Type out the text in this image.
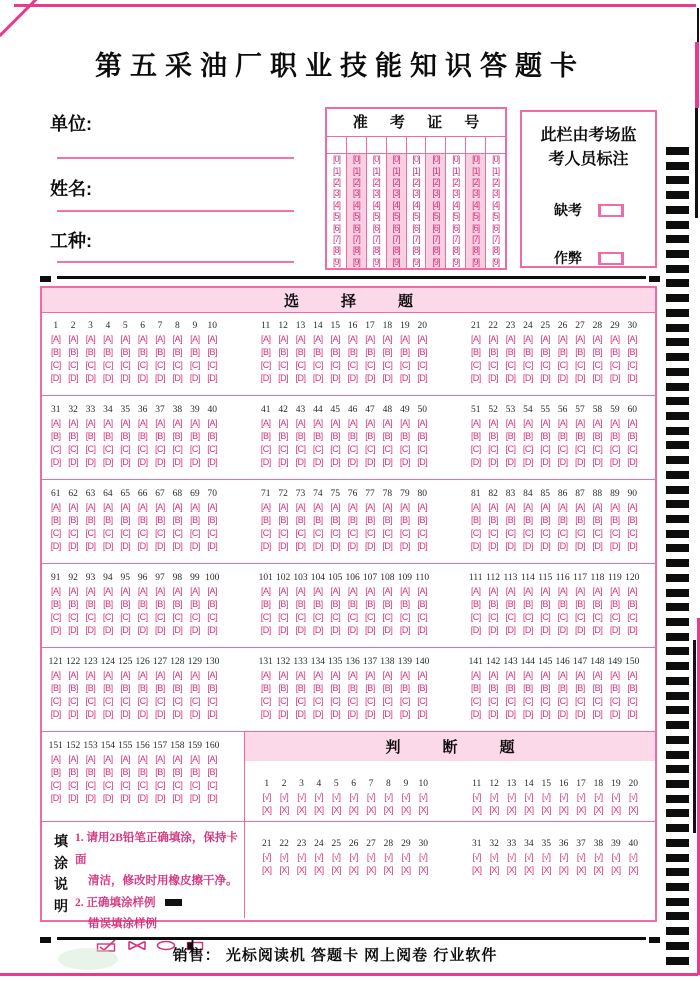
第五采油厂职业技能知识答题卡
单位:
姓名:
工种:
准 考 证 号
[0]
[1]
[2]
[3]
[4]
[5]
[6]
[7]
[8]
[9]
[0]
[1]
[2]
[3]
[4]
[5]
[6]
[7]
[8]
[9]
[0]
[1]
[2]
[3]
[4]
[5]
[6]
[7]
[8]
[9]
[0]
[1]
[2]
[3]
[4]
[5]
[6]
[7]
[8]
[9]
[0]
[1]
[2]
[3]
[4]
[5]
[6]
[7]
[8]
[9]
[0]
[1]
[2]
[3]
[4]
[5]
[6]
[7]
[8]
[9]
[0]
[1]
[2]
[3]
[4]
[5]
[6]
[7]
[8]
[9]
[0]
[1]
[2]
[3]
[4]
[5]
[6]
[7]
[8]
[9]
[0]
[1]
[2]
[3]
[4]
[5]
[6]
[7]
[8]
[9]
此栏由考场监
考人员标注
缺考
作弊
选择题
1	2	3	4	5	6	7	8	9	10
[A] [A] [A] [A] [A] [A] [A] [A] [A] [A]
[B] [B] [B] [B] [B] [B] [B] [B] [B] [B]
[C] [C] [C] [C] [C] [C] [C] [C] [C] [C]
[D] [D] [D] [D] [D] [D] [D] [D] [D] [D]
11 12 13 14 15 16 17 18 19 20
[A] [A] [A] [A] [A] [A] [A] [A] [A] [A]
[B] [B] [B] [B] [B] [B] [B] [B] [B] [B]
[C] [C] [C] [C] [C] [C] [C] [C] [C] [C]
[D] [D] [D] [D] [D] [D] [D] [D] [D] [D]
21 22 23 24 25 26 27 28 29 30
[A] [A] [A] [A] [A] [A] [A] [A] [A] [A]
[B] [B] [B] [B] [B] [B] [B] [B] [B] [B]
[C] [C] [C] [C] [C] [C] [C] [C] [C] [C]
[D] [D] [D] [D] [D] [D] [D] [D] [D] [D]
31 32 33 34 35 36 37 38 39 40
[A] [A] [A] [A] [A] [A] [A] [A] [A] [A]
[B] [B] [B] [B] [B] [B] [B] [B] [B] [B]
[C] [C] [C] [C] [C] [C] [C] [C] [C] [C]
[D] [D] [D] [D] [D] [D] [D] [D] [D] [D]
41 42 43 44 45 46 47 48 49 50
[A] [A] [A] [A] [A] [A] [A] [A] [A] [A]
[B] [B] [B] [B] [B] [B] [B] [B] [B] [B]
[C] [C] [C] [C] [C] [C] [C] [C] [C] [C]
[D] [D] [D] [D] [D] [D] [D] [D] [D] [D]
51 52 53 54 55 56 57 58 59 60
[A] [A] [A] [A] [A] [A] [A] [A] [A] [A]
[B] [B] [B] [B] [B] [B] [B] [B] [B] [B]
[C] [C] [C] [C] [C] [C] [C] [C] [C] [C]
[D] [D] [D] [D] [D] [D] [D] [D] [D] [D]
61 62 63 64 65 66 67 68 69 70
[A] [A] [A] [A] [A] [A] [A] [A] [A] [A]
[B] [B] [B] [B] [B] [B] [B] [B] [B] [B]
[C] [C] [C] [C] [C] [C] [C] [C] [C] [C]
[D] [D] [D] [D] [D] [D] [D] [D] [D] [D]
71 72 73 74 75 76 77 78 79 80
[A] [A] [A] [A] [A] [A] [A] [A] [A] [A]
[B] [B] [B] [B] [B] [B] [B] [B] [B] [B]
[C] [C] [C] [C] [C] [C] [C] [C] [C] [C]
[D] [D] [D] [D] [D] [D] [D] [D] [D] [D]
81 82 83 84 85 86 87 88 89 90
[A] [A] [A] [A] [A] [A] [A] [A] [A] [A]
[B] [B] [B] [B] [B] [B] [B] [B] [B] [B]
[C] [C] [C] [C] [C] [C] [C] [C] [C] [C]
[D] [D] [D] [D] [D] [D] [D] [D] [D] [D]
91 92 93 94 95 96 97 98 99 100
[A] [A] [A] [A] [A] [A] [A] [A] [A] [A]
[B] [B] [B] [B] [B] [B] [B] [B] [B] [B]
[C] [C] [C] [C] [C] [C] [C] [C] [C] [C]
[D] [D] [D] [D] [D] [D] [D] [D] [D] [D]
101 102 103 104 105 106 107 108 109 110
[A] [A] [A] [A] [A] [A] [A] [A] [A] [A]
[B] [B] [B] [B] [B] [B] [B] [B] [B] [B]
[C] [C] [C] [C] [C] [C] [C] [C] [C] [C]
[D] [D] [D] [D] [D] [D] [D] [D] [D] [D]
111 112 113 114 115 116 117 118 119 120
[A] [A] [A] [A] [A] [A] [A] [A] [A] [A]
[B] [B] [B] [B] [B] [B] [B] [B] [B] [B]
[C] [C] [C] [C] [C] [C] [C] [C] [C] [C]
[D] [D] [D] [D] [D] [D] [D] [D] [D] [D]
121 122 123 124 125 126 127 128 129 130
[A] [A] [A] [A] [A] [A] [A] [A] [A] [A]
[B] [B] [B] [B] [B] [B] [B] [B] [B] [B]
[C] [C] [C] [C] [C] [C] [C] [C] [C] [C]
[D] [D] [D] [D] [D] [D] [D] [D] [D] [D]
131 132 133 134 135 136 137 138 139 140
[A] [A] [A] [A] [A] [A] [A] [A] [A] [A]
[B] [B] [B] [B] [B] [B] [B] [B] [B] [B]
[C] [C] [C] [C] [C] [C] [C] [C] [C] [C]
[D] [D] [D] [D] [D] [D] [D] [D] [D] [D]
141 142 143 144 145 146 147 148 149 150
[A] [A] [A] [A] [A] [A] [A] [A] [A] [A]
[B] [B] [B] [B] [B] [B] [B] [B] [B] [B]
[C] [C] [C] [C] [C] [C] [C] [C] [C] [C]
[D] [D] [D] [D] [D] [D] [D] [D] [D] [D]
151 152 153 154 155 156 157 158 159 160
[A] [A] [A] [A] [A] [A] [A] [A] [A] [A]
[B] [B] [B] [B] [B] [B] [B] [B] [B] [B]
[C] [C] [C] [C] [C] [C] [C] [C] [C] [C]
[D] [D] [D] [D] [D] [D] [D] [D] [D] [D]
判断题
1	2	3	4	5	6	7	8	9	10
[√] [√] [√] [√] [√] [√] [√] [√] [√] [√]
[X] [X] [X] [X] [X] [X] [X] [X] [X] [X]
11 12 13 14 15 16 17 18 19 20
[√] [√] [√] [√] [√] [√] [√] [√] [√] [√]
[X] [X] [X] [X] [X] [X] [X] [X] [X] [X]
填
涂
说
明
1. 请用2B铅笔正确填涂，保持卡面
清洁，修改时用橡皮擦干净。
2. 正确填涂样例
错误填涂样例
21 22 23 24 25 26 27 28 29 30
[√] [√] [√] [√] [√] [√] [√] [√] [√] [√]
[X] [X] [X] [X] [X] [X] [X] [X] [X] [X]
31 32 33 34 35 36 37 38 39 40
[√] [√] [√] [√] [√] [√] [√] [√] [√] [√]
[X] [X] [X] [X] [X] [X] [X] [X] [X] [X]
销售： 光标阅读机 答题卡 网上阅卷 行业软件
